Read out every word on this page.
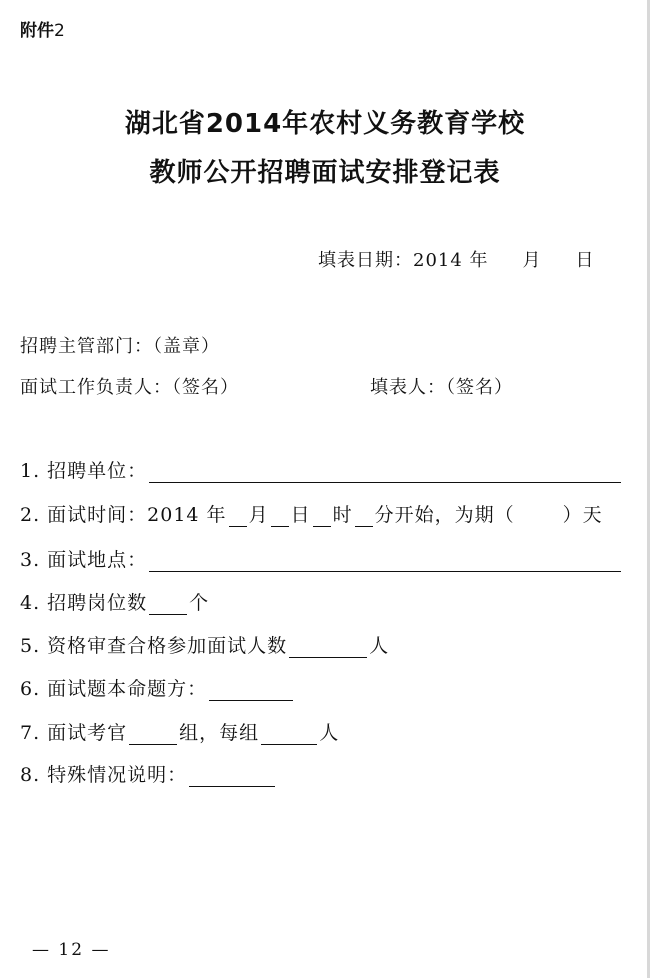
附件2
湖北省2014年农村义务教育学校
教师公开招聘面试安排登记表
填表日期：2014 年 月 日
招聘主管部门：（盖章）
面试工作负责人：（签名）	填表人：（签名）
1. 招聘单位：
2. 面试时间：2014 年 月 日 时 分开始，为期（	）天
3. 面试地点：
4. 招聘岗位数 个
5. 资格审查合格参加面试人数	人
6. 面试题本命题方：
7. 面试考官	组，每组	人
8. 特殊情况说明：
— 12 —
